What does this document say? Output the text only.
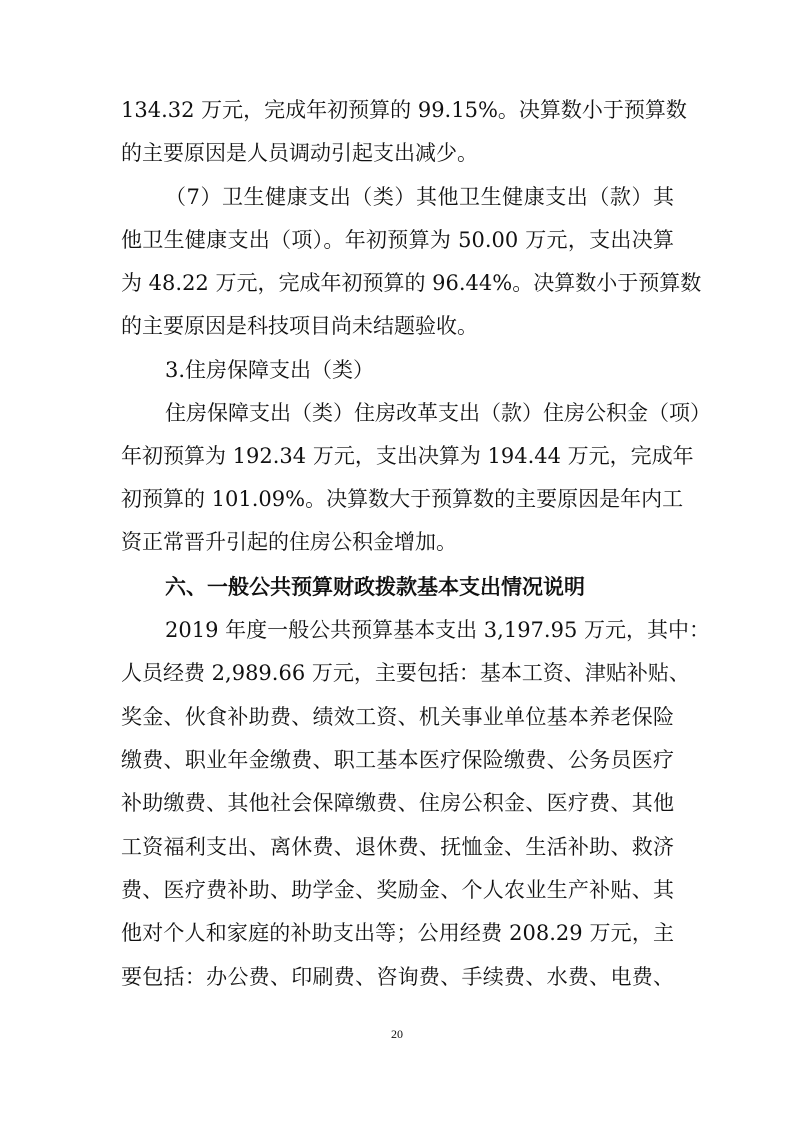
134.32 万元，完成年初预算的 99.15%。决算数小于预算数
的主要原因是人员调动引起支出减少。
（7）卫生健康支出（类）其他卫生健康支出（款）其
他卫生健康支出（项）。年初预算为 50.00 万元，支出决算
为 48.22 万元，完成年初预算的 96.44%。决算数小于预算数
的主要原因是科技项目尚未结题验收。
3.住房保障支出（类）
住房保障支出（类）住房改革支出（款）住房公积金（项）
年初预算为 192.34 万元，支出决算为 194.44 万元，完成年
初预算的 101.09%。决算数大于预算数的主要原因是年内工
资正常晋升引起的住房公积金增加。
六、一般公共预算财政拨款基本支出情况说明
2019 年度一般公共预算基本支出 3,197.95 万元，其中：
人员经费 2,989.66 万元，主要包括：基本工资、津贴补贴、
奖金、伙食补助费、绩效工资、机关事业单位基本养老保险
缴费、职业年金缴费、职工基本医疗保险缴费、公务员医疗
补助缴费、其他社会保障缴费、住房公积金、医疗费、其他
工资福利支出、离休费、退休费、抚恤金、生活补助、救济
费、医疗费补助、助学金、奖励金、个人农业生产补贴、其
他对个人和家庭的补助支出等；公用经费 208.29 万元，主
要包括：办公费、印刷费、咨询费、手续费、水费、电费、
20
